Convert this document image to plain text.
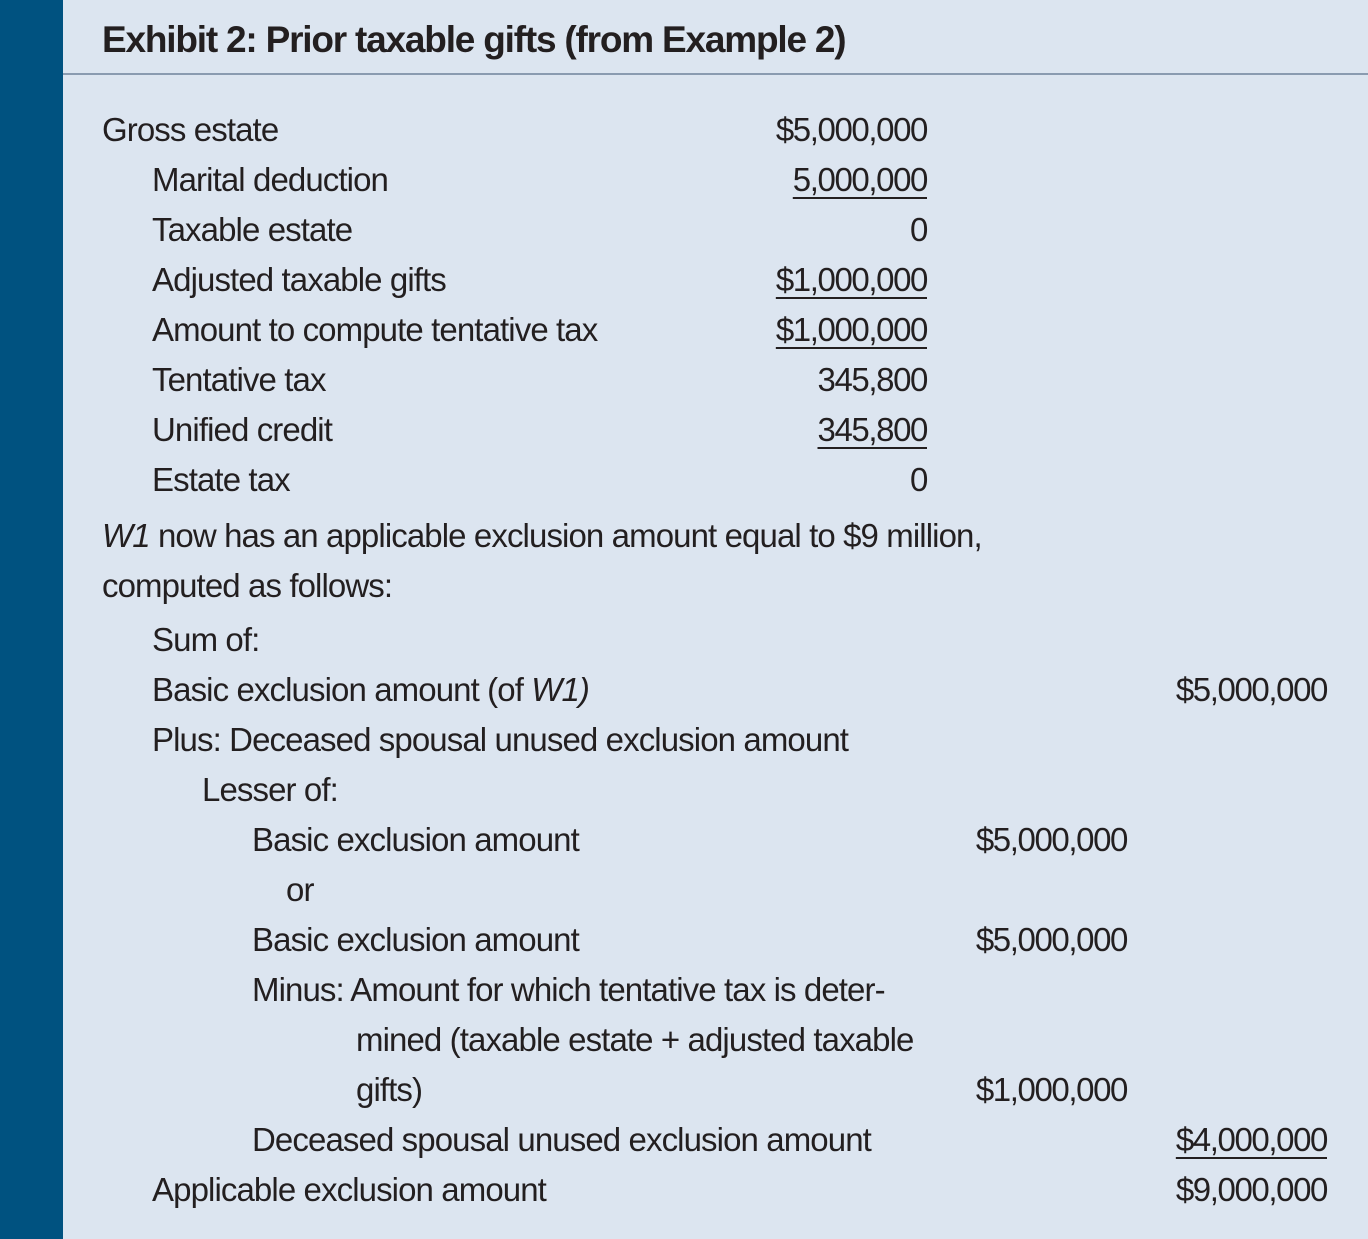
Exhibit 2: Prior taxable gifts (from Example 2)
Gross estate	$5,000,000
Marital deduction	5,000,000
Taxable estate	0
Adjusted taxable gifts	$1,000,000
Amount to compute tentative tax	$1,000,000
Tentative tax	345,800
Unified credit	345,800
Estate tax	0
W1 now has an applicable exclusion amount equal to $9 million,
computed as follows:
Sum of:
Basic exclusion amount (of W1)	$5,000,000
Plus: Deceased spousal unused exclusion amount
Lesser of:
Basic exclusion amount	$5,000,000
or
Basic exclusion amount	$5,000,000
Minus: Amount for which tentative tax is deter-
mined (taxable estate + adjusted taxable
gifts)	$1,000,000
Deceased spousal unused exclusion amount	$4,000,000
Applicable exclusion amount	$9,000,000
